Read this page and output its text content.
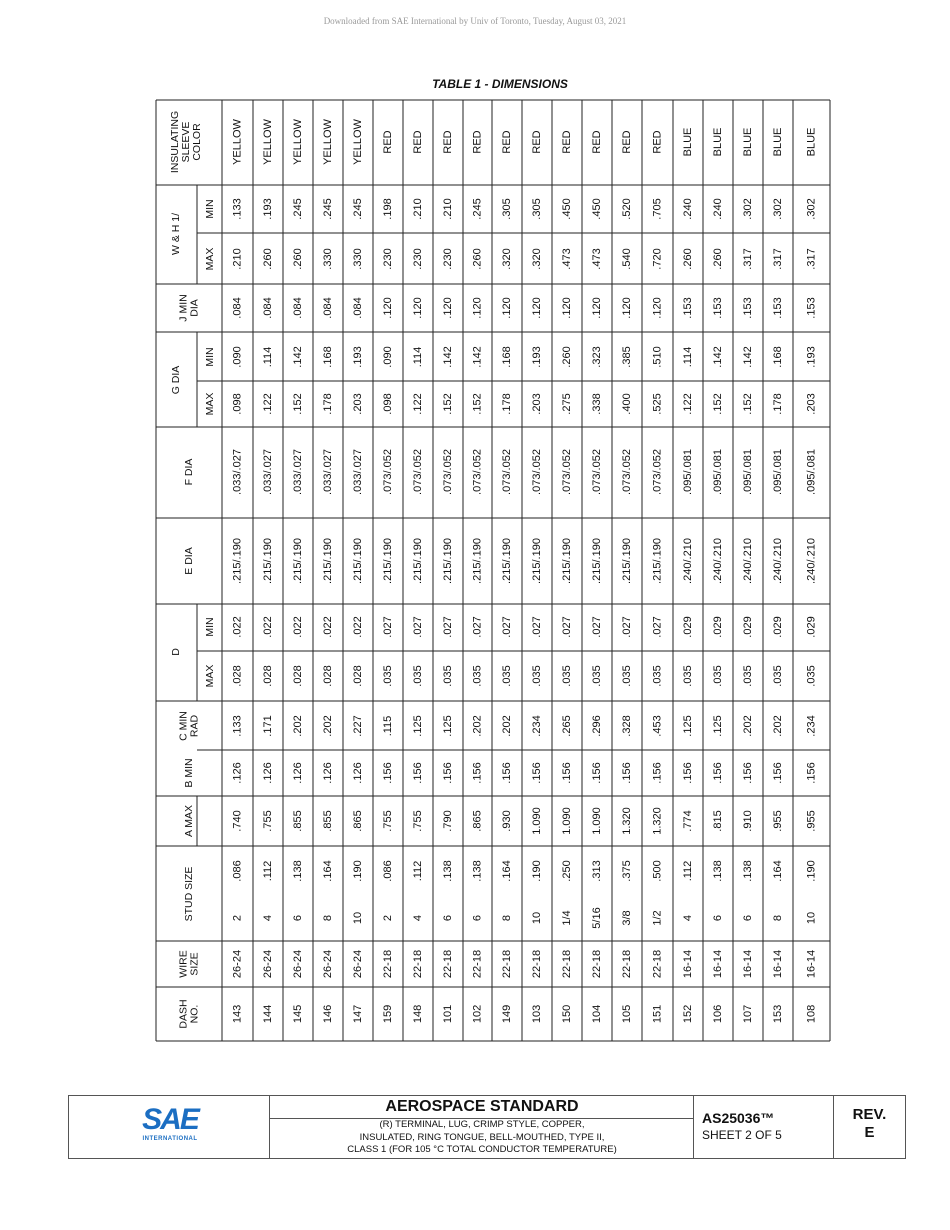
Downloaded from SAE International by Univ of Toronto, Tuesday, August 03, 2021
TABLE 1 - DIMENSIONS
DASH NO.
WIRE SIZE
STUD SIZE
A MAX
B MIN
C MIN RAD
D
MAX
MIN
E DIA
F DIA
G DIA
MAX
MIN
J MIN DIA
W & H 1/
MAX
MIN
INSULATING SLEEVE COLOR
143
26-24
2
.086
.740
.126
.133
.028
.022
.215/.190
.033/.027
.098
.090
.084
.210
.133
YELLOW
144
26-24
4
.112
.755
.126
.171
.028
.022
.215/.190
.033/.027
.122
.114
.084
.260
.193
YELLOW
145
26-24
6
.138
.855
.126
.202
.028
.022
.215/.190
.033/.027
.152
.142
.084
.260
.245
YELLOW
146
26-24
8
.164
.855
.126
.202
.028
.022
.215/.190
.033/.027
.178
.168
.084
.330
.245
YELLOW
147
26-24
10
.190
.865
.126
.227
.028
.022
.215/.190
.033/.027
.203
.193
.084
.330
.245
YELLOW
159
22-18
2
.086
.755
.156
.115
.035
.027
.215/.190
.073/.052
.098
.090
.120
.230
.198
RED
148
22-18
4
.112
.755
.156
.125
.035
.027
.215/.190
.073/.052
.122
.114
.120
.230
.210
RED
101
22-18
6
.138
.790
.156
.125
.035
.027
.215/.190
.073/.052
.152
.142
.120
.230
.210
RED
102
22-18
6
.138
.865
.156
.202
.035
.027
.215/.190
.073/.052
.152
.142
.120
.260
.245
RED
149
22-18
8
.164
.930
.156
.202
.035
.027
.215/.190
.073/.052
.178
.168
.120
.320
.305
RED
103
22-18
10
.190
1.090
.156
.234
.035
.027
.215/.190
.073/.052
.203
.193
.120
.320
.305
RED
150
22-18
1/4
.250
1.090
.156
.265
.035
.027
.215/.190
.073/.052
.275
.260
.120
.473
.450
RED
104
22-18
5/16
.313
1.090
.156
.296
.035
.027
.215/.190
.073/.052
.338
.323
.120
.473
.450
RED
105
22-18
3/8
.375
1.320
.156
.328
.035
.027
.215/.190
.073/.052
.400
.385
.120
.540
.520
RED
151
22-18
1/2
.500
1.320
.156
.453
.035
.027
.215/.190
.073/.052
.525
.510
.120
.720
.705
RED
152
16-14
4
.112
.774
.156
.125
.035
.029
.240/.210
.095/.081
.122
.114
.153
.260
.240
BLUE
106
16-14
6
.138
.815
.156
.125
.035
.029
.240/.210
.095/.081
.152
.142
.153
.260
.240
BLUE
107
16-14
6
.138
.910
.156
.202
.035
.029
.240/.210
.095/.081
.152
.142
.153
.317
.302
BLUE
153
16-14
8
.164
.955
.156
.202
.035
.029
.240/.210
.095/.081
.178
.168
.153
.317
.302
BLUE
108
16-14
10
.190
.955
.156
.234
.035
.029
.240/.210
.095/.081
.203
.193
.153
.317
.302
BLUE
SAE
INTERNATIONAL
AEROSPACE STANDARD
(R) TERMINAL, LUG, CRIMP STYLE, COPPER,
INSULATED, RING TONGUE, BELL-MOUTHED, TYPE II,
CLASS 1 (FOR 105 °C TOTAL CONDUCTOR TEMPERATURE)
AS25036™
SHEET 2 OF 5
REV.
E
